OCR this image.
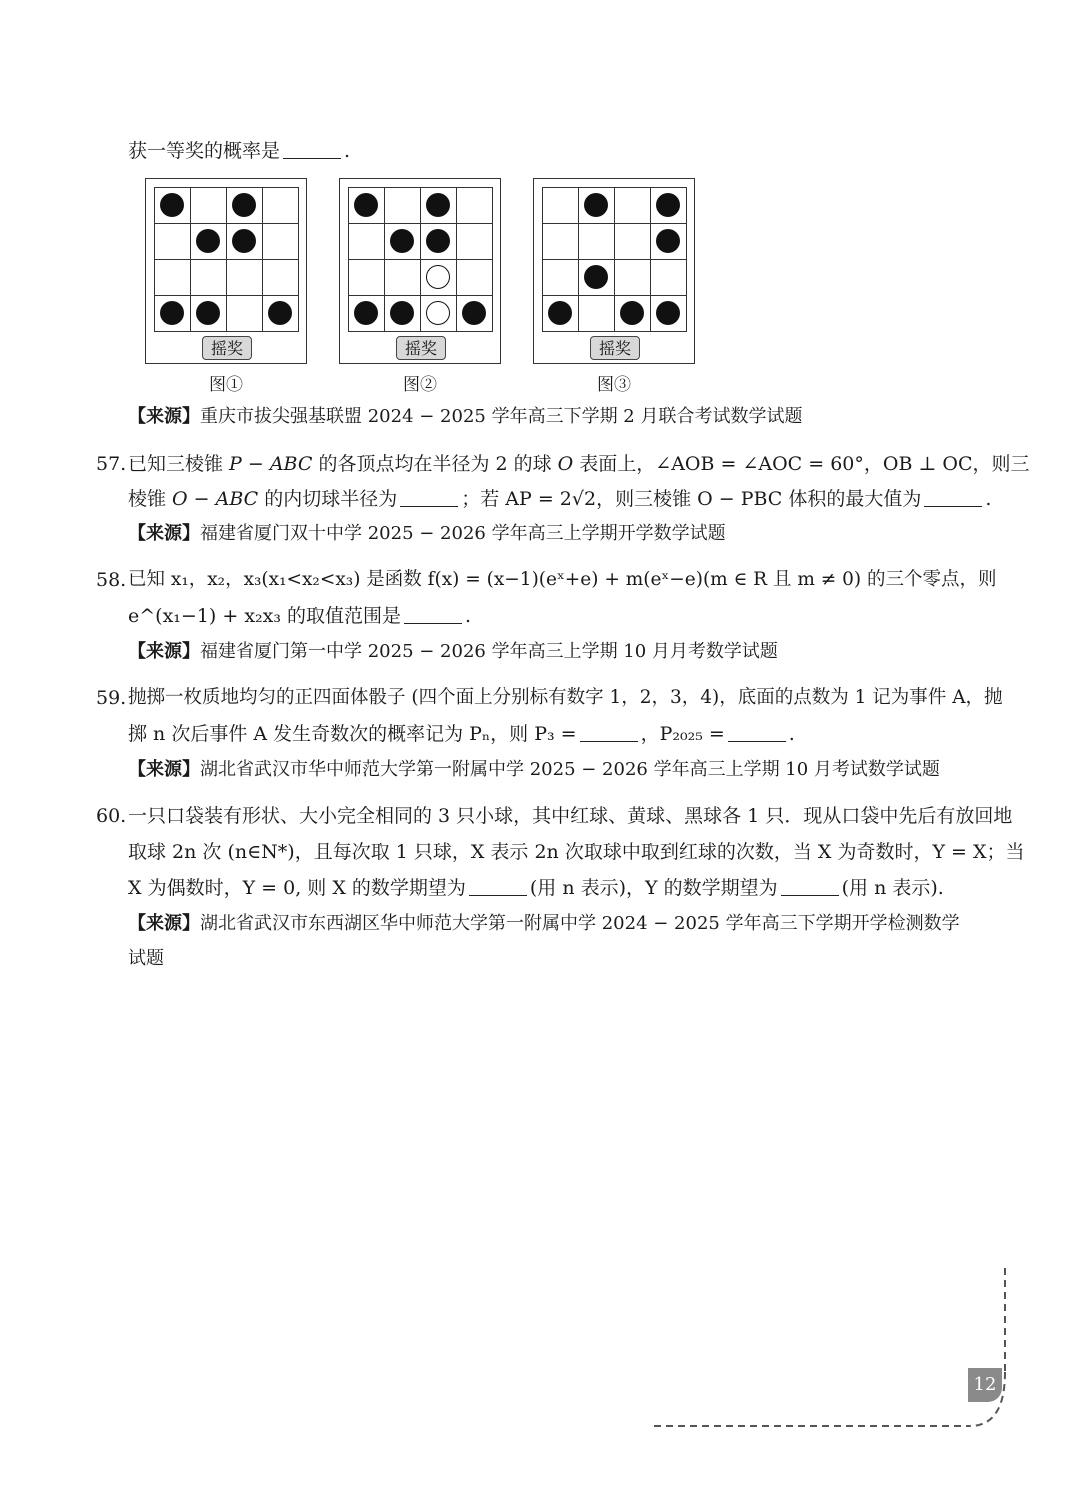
获一等奖的概率是	.
摇奖	摇奖	摇奖
图①	图②	图③
【来源】重庆市拔尖强基联盟 2024 − 2025 学年高三下学期 2 月联合考试数学试题
57. 已知三棱锥 P − ABC 的各顶点均在半径为 2 的球 O 表面上，∠AOB = ∠AOC = 60°，OB ⊥ OC，则三
棱锥 O − ABC 的内切球半径为	；若 AP = 2√2，则三棱锥 O − PBC 体积的最大值为	.
【来源】福建省厦门双十中学 2025 − 2026 学年高三上学期开学数学试题
58. 已知 x₁，x₂，x₃(x₁<x₂<x₃) 是函数 f(x) = (x−1)(eˣ+e) + m(eˣ−e)(m ∈ R 且 m ≠ 0) 的三个零点，则
e^(x₁−1) + x₂x₃ 的取值范围是	.
【来源】福建省厦门第一中学 2025 − 2026 学年高三上学期 10 月月考数学试题
59. 抛掷一枚质地均匀的正四面体骰子 (四个面上分别标有数字 1，2，3，4)，底面的点数为 1 记为事件 A，抛
掷 n 次后事件 A 发生奇数次的概率记为 Pₙ，则 P₃ =	，P₂₀₂₅ =	.
【来源】湖北省武汉市华中师范大学第一附属中学 2025 − 2026 学年高三上学期 10 月考试数学试题
60. 一只口袋装有形状、大小完全相同的 3 只小球，其中红球、黄球、黑球各 1 只．现从口袋中先后有放回地
取球 2n 次 (n∈N*)，且每次取 1 只球，X 表示 2n 次取球中取到红球的次数，当 X 为奇数时，Y = X；当
X 为偶数时，Y = 0, 则 X 的数学期望为	(用 n 表示)，Y 的数学期望为	(用 n 表示).
【来源】湖北省武汉市东西湖区华中师范大学第一附属中学 2024 − 2025 学年高三下学期开学检测数学
试题
12
